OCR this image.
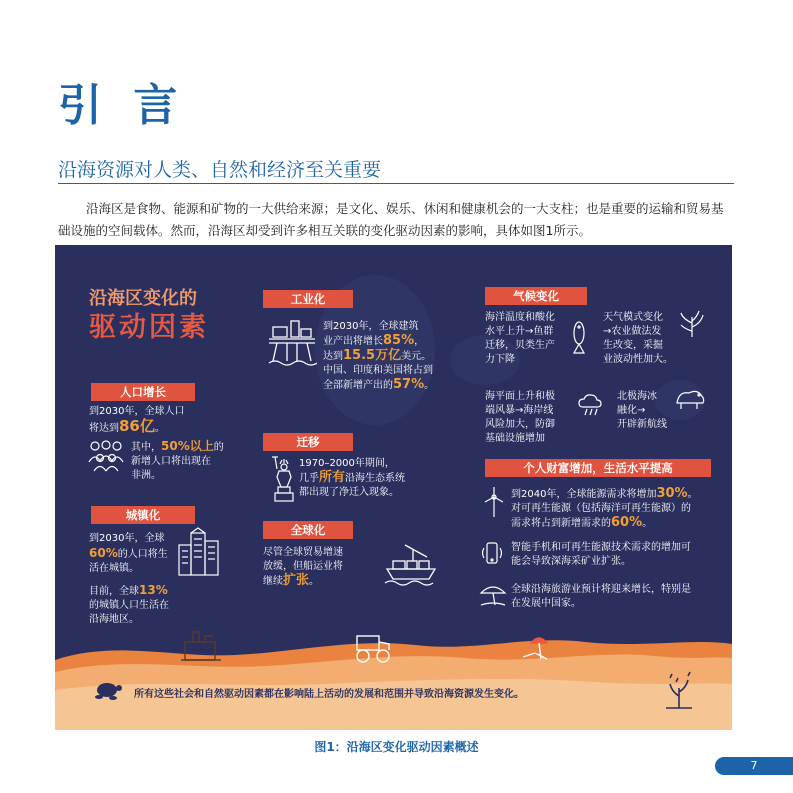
引 言
沿海资源对人类、自然和经济至关重要
沿海区是食物、能源和矿物的一大供给来源；是文化、娱乐、休闲和健康机会的一大支柱；也是重要的运输和贸易基础设施的空间载体。然而，沿海区却受到许多相互关联的变化驱动因素的影响，具体如图1所示。
沿海区变化的
驱动因素
人口增长
到2030年，全球人口
将达到86亿。
其中，50%以上的
新增人口将出现在
非洲。
城镇化
到2030年，全球
60%的人口将生
活在城镇。
目前，全球13%
的城镇人口生活在
沿海地区。
工业化
到2030年，全球建筑
业产出将增长85%，
达到15.5万亿美元。
中国、印度和美国将占到
全部新增产出的57%。
迁移
1970–2000年期间，
几乎所有沿海生态系统
都出现了净迁入现象。
全球化
尽管全球贸易增速
放缓，但船运业将
继续扩张。
气候变化
海洋温度和酸化
水平上升→鱼群
迁移，贝类生产
力下降
天气模式变化
→农业做法发
生改变，采掘
业波动性加大。
海平面上升和极
端风暴→海岸线
风险加大，防御
基础设施增加
北极海冰
融化→
开辟新航线
个人财富增加，生活水平提高
到2040年，全球能源需求将增加30%。
对可再生能源（包括海洋可再生能源）的
需求将占到新增需求的60%。
智能手机和可再生能源技术需求的增加可
能会导致深海采矿业扩张。
全球沿海旅游业预计将迎来增长，特别是
在发展中国家。
所有这些社会和自然驱动因素都在影响陆上活动的发展和范围并导致沿海资源发生变化。
图1：沿海区变化驱动因素概述
7
